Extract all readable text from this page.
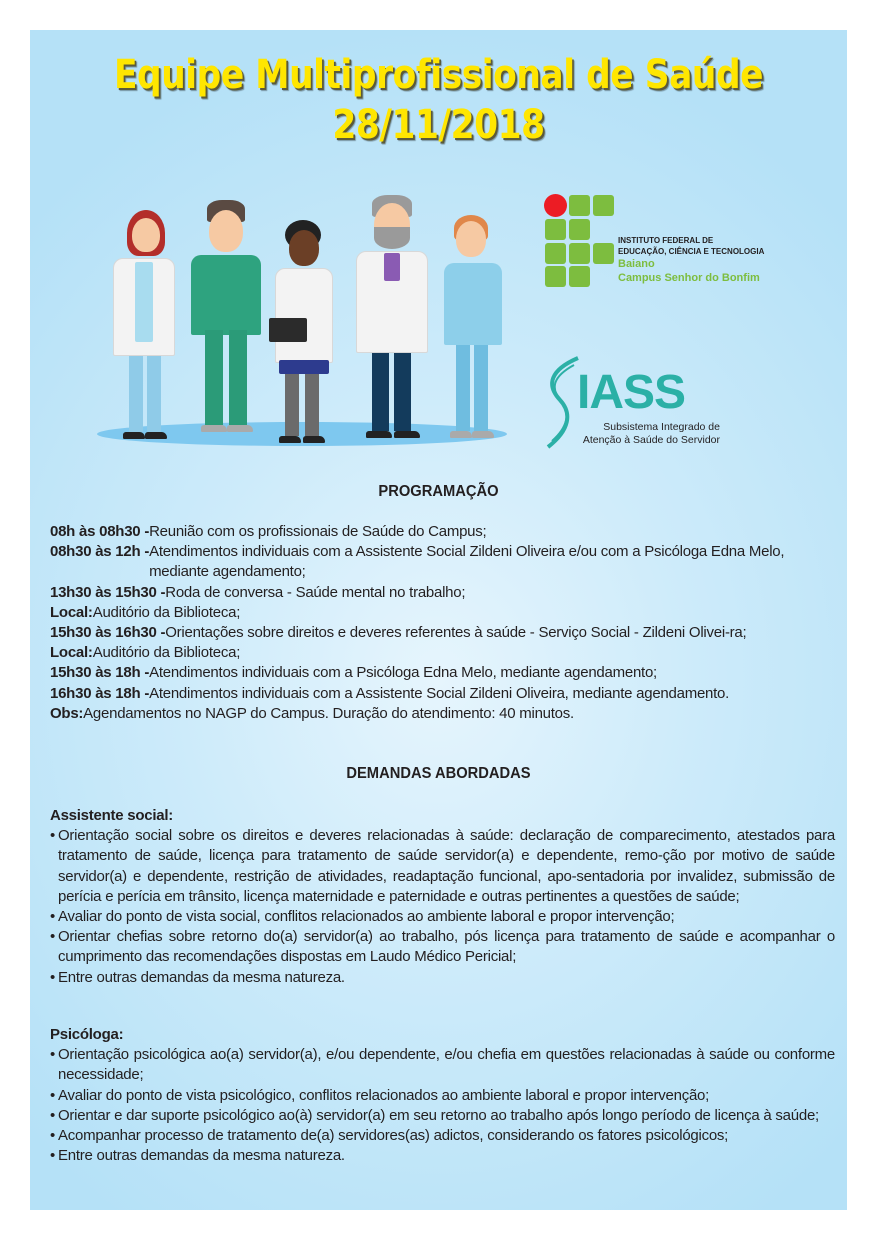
Equipe Multiprofissional de Saúde
28/11/2018
INSTITUTO FEDERAL DE
EDUCAÇÃO, CIÊNCIA E TECNOLOGIA
Baiano
Campus Senhor do Bonfim
IASS
Subsistema Integrado de
Atenção à Saúde do Servidor
PROGRAMAÇÃO
08h às 08h30 - Reunião com os profissionais de Saúde do Campus;
08h30 às 12h - Atendimentos individuais com a Assistente Social Zildeni Oliveira e/ou com a Psicóloga Edna Melo, mediante agendamento;
13h30 às 15h30 - Roda de conversa - Saúde mental no trabalho;
Local: Auditório da Biblioteca;
15h30 às 16h30 - Orientações sobre direitos e deveres referentes à saúde - Serviço Social - Zildeni Olivei-ra;
Local: Auditório da Biblioteca;
15h30 às 18h - Atendimentos individuais com a Psicóloga Edna Melo, mediante agendamento;
16h30 às 18h - Atendimentos individuais com a Assistente Social Zildeni Oliveira, mediante agendamento.
Obs: Agendamentos no NAGP do Campus. Duração do atendimento: 40 minutos.
DEMANDAS ABORDADAS
Assistente social:
• Orientação social sobre os direitos e deveres relacionadas à saúde: declaração de comparecimento, atestados para tratamento de saúde, licença para tratamento de saúde servidor(a) e dependente, remo-ção por motivo de saúde servidor(a) e dependente, restrição de atividades, readaptação funcional, apo-sentadoria por invalidez, submissão de perícia e perícia em trânsito, licença maternidade e paternidade e outras pertinentes a questões de saúde;
• Avaliar do ponto de vista social, conflitos relacionados ao ambiente laboral e propor intervenção;
• Orientar chefias sobre retorno do(a) servidor(a) ao trabalho, pós licença para tratamento de saúde e acompanhar o cumprimento das recomendações dispostas em Laudo Médico Pericial;
• Entre outras demandas da mesma natureza.
Psicóloga:
• Orientação psicológica ao(a) servidor(a), e/ou dependente, e/ou chefia em questões relacionadas à saúde ou conforme necessidade;
• Avaliar do ponto de vista psicológico, conflitos relacionados ao ambiente laboral e propor intervenção;
• Orientar e dar suporte psicológico ao(à) servidor(a) em seu retorno ao trabalho após longo período de licença à saúde;
• Acompanhar processo de tratamento de(a) servidores(as) adictos, considerando os fatores psicológicos;
• Entre outras demandas da mesma natureza.
